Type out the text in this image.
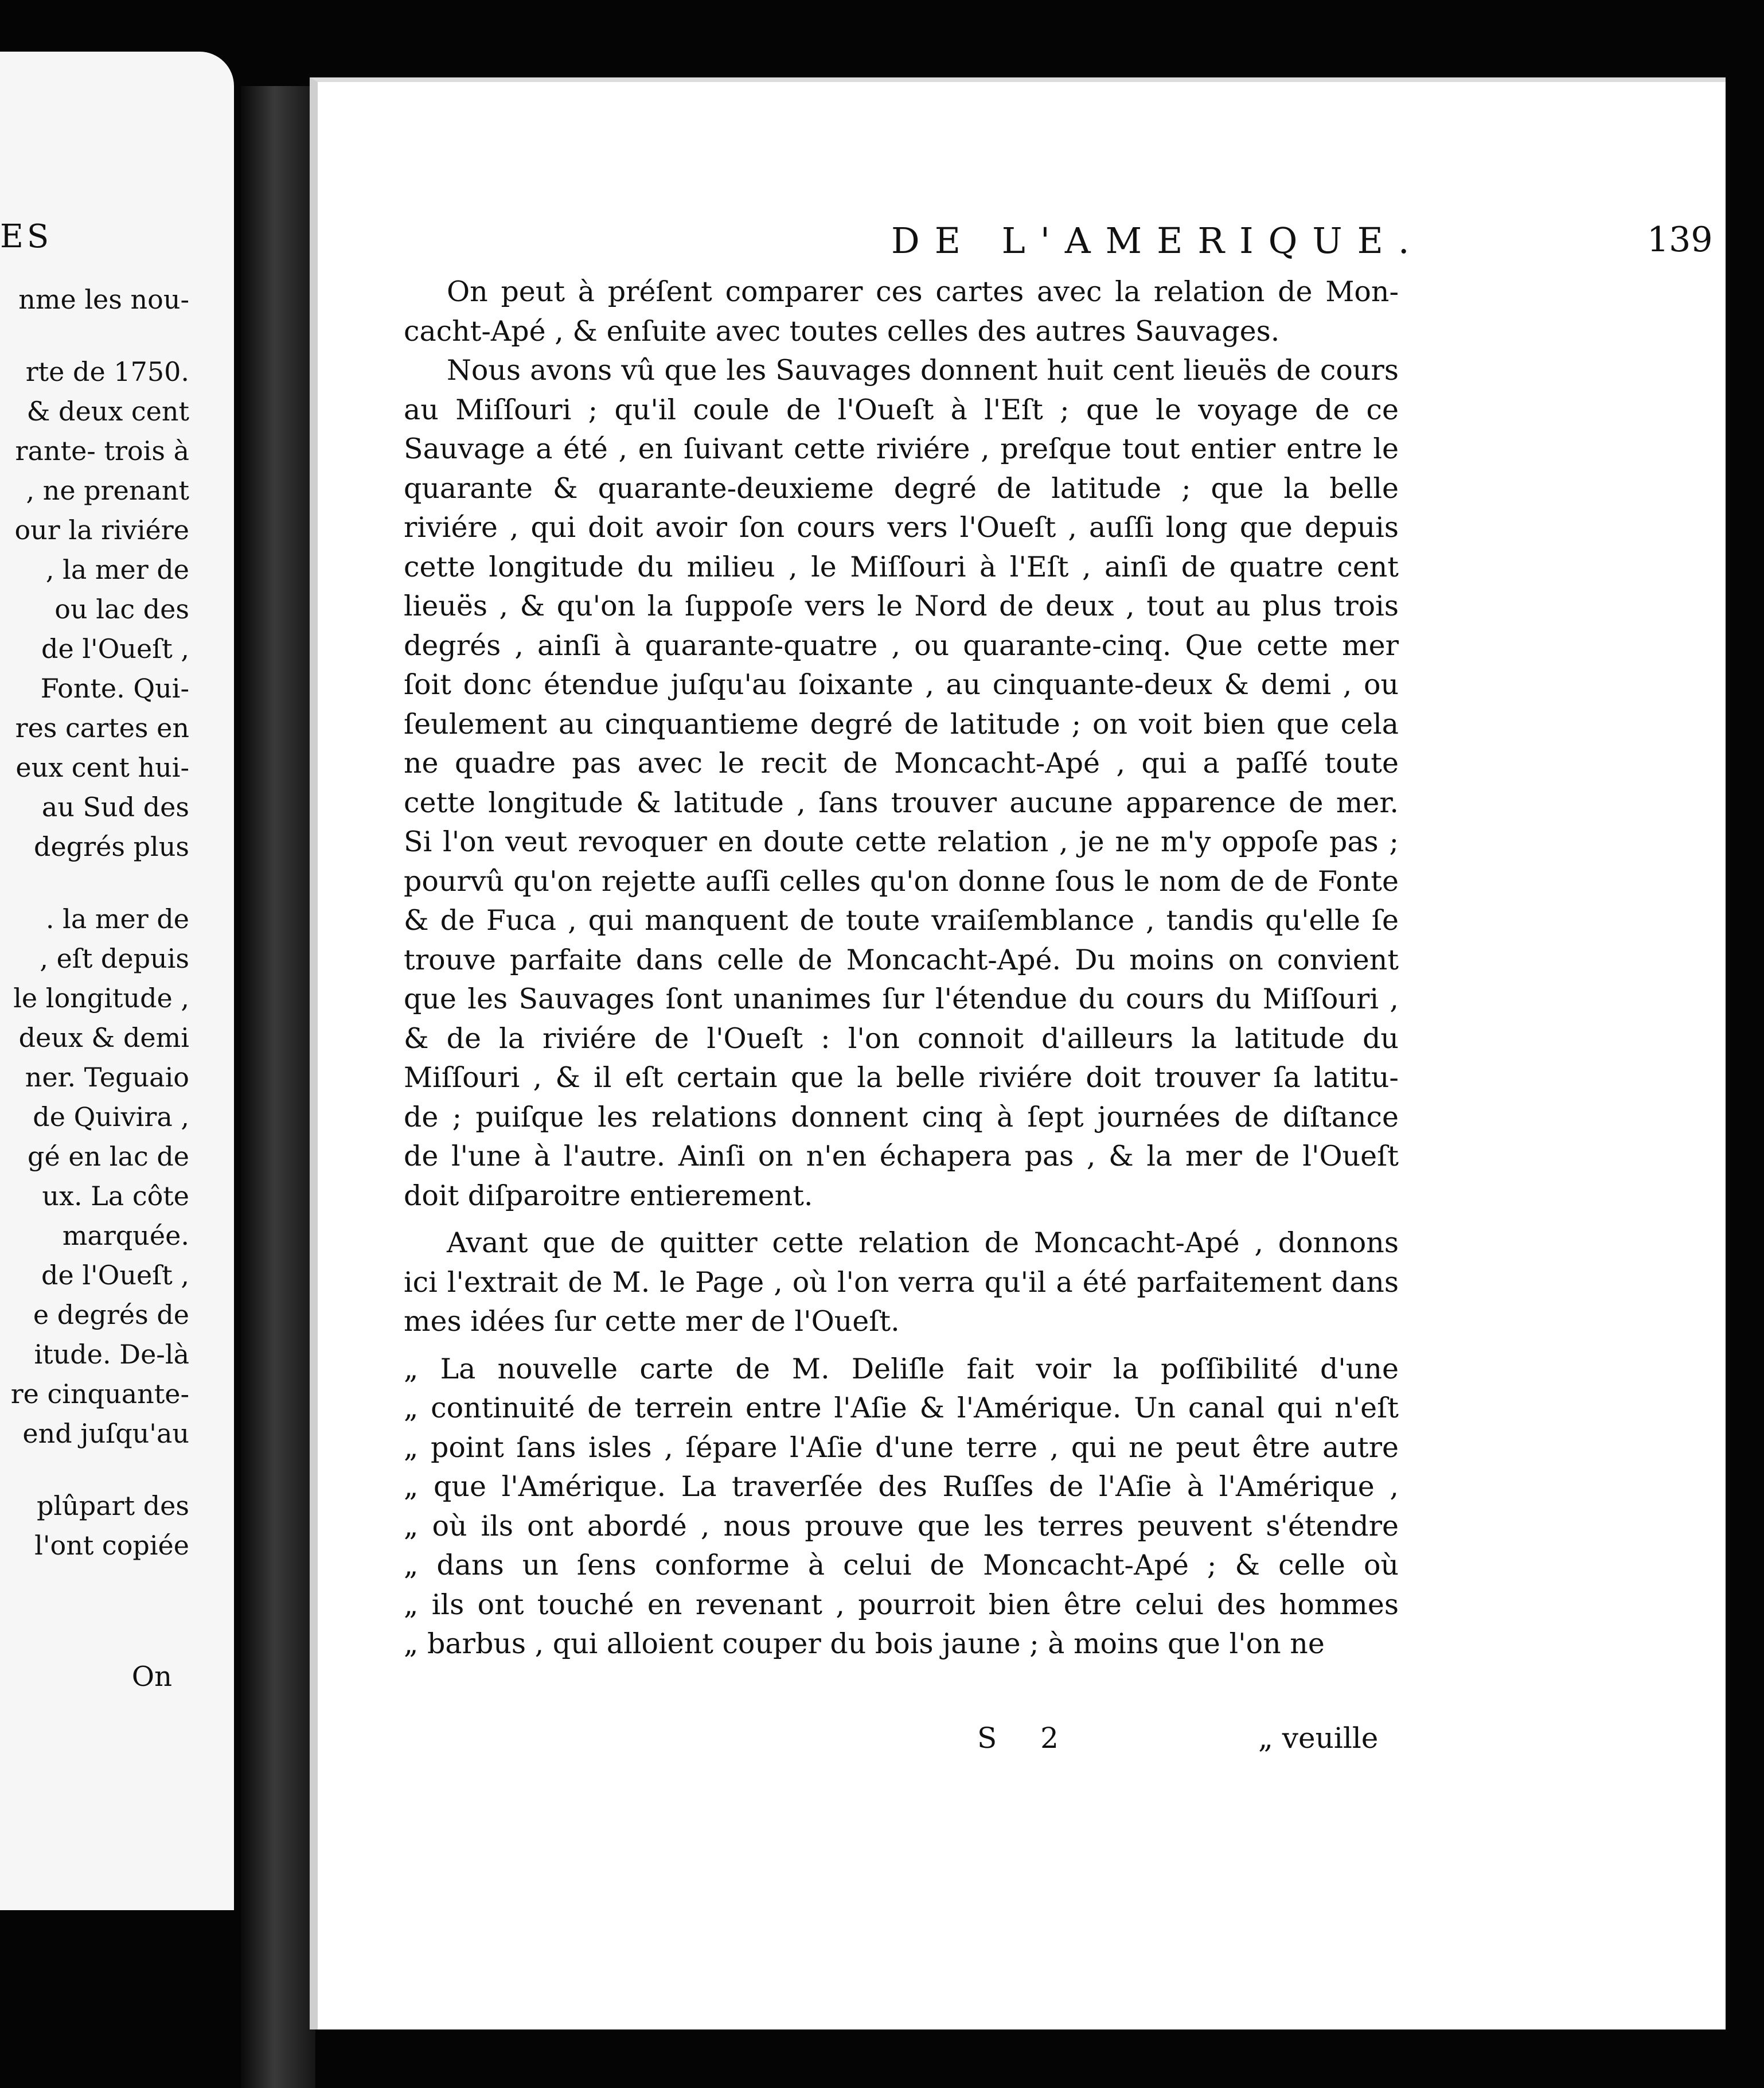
ES
nme les nou-
rte de 1750.
& deux cent
rante- trois à
, ne prenant
our la riviére
, la mer de
ou lac des
de l'Oueſt ,
Fonte. Qui-
res cartes en
eux cent hui-
au Sud des
degrés plus
. la mer de
, eſt depuis
le longitude ,
deux & demi
ner. Teguaio
de Quivira ,
gé en lac de
ux. La côte
marquée.
de l'Oueſt ,
e degrés de
itude. De-là
re cinquante-
end juſqu'au
plûpart des
l'ont copiée
On
DE L'AMERIQUE.	139
On peut à préſent comparer ces cartes avec la relation de Mon-
cacht-Apé , & enſuite avec toutes celles des autres Sauvages.
Nous avons vû que les Sauvages donnent huit cent lieuës de cours
au Miſſouri ; qu'il coule de l'Oueſt à l'Eſt ; que le voyage de ce
Sauvage a été , en ſuivant cette riviére , preſque tout entier entre le
quarante & quarante-deuxieme degré de latitude ; que la belle
riviére , qui doit avoir ſon cours vers l'Oueſt , auſſi long que depuis
cette longitude du milieu , le Miſſouri à l'Eſt , ainſi de quatre cent
lieuës , & qu'on la ſuppoſe vers le Nord de deux , tout au plus trois
degrés , ainſi à quarante-quatre , ou quarante-cinq. Que cette mer
ſoit donc étendue juſqu'au ſoixante , au cinquante-deux & demi , ou
ſeulement au cinquantieme degré de latitude ; on voit bien que cela
ne quadre pas avec le recit de Moncacht-Apé , qui a paſſé toute
cette longitude & latitude , ſans trouver aucune apparence de mer.
Si l'on veut revoquer en doute cette relation , je ne m'y oppoſe pas ;
pourvû qu'on rejette auſſi celles qu'on donne ſous le nom de de Fonte
& de Fuca , qui manquent de toute vraiſemblance , tandis qu'elle ſe
trouve parfaite dans celle de Moncacht-Apé. Du moins on convient
que les Sauvages ſont unanimes ſur l'étendue du cours du Miſſouri ,
& de la riviére de l'Oueſt : l'on connoit d'ailleurs la latitude du
Miſſouri , & il eſt certain que la belle riviére doit trouver ſa latitu-
de ; puiſque les relations donnent cinq à ſept journées de diſtance
de l'une à l'autre. Ainſi on n'en échapera pas , & la mer de l'Oueſt
doit diſparoitre entierement.
Avant que de quitter cette relation de Moncacht-Apé , donnons
ici l'extrait de M. le Page , où l'on verra qu'il a été parfaitement dans
mes idées ſur cette mer de l'Oueſt.
„ La nouvelle carte de M. Deliſle fait voir la poſſibilité d'une
„ continuité de terrein entre l'Aſie & l'Amérique. Un canal qui n'eſt
„ point ſans isles , ſépare l'Aſie d'une terre , qui ne peut être autre
„ que l'Amérique. La traverſée des Ruſſes de l'Aſie à l'Amérique ,
„ où ils ont abordé , nous prouve que les terres peuvent s'étendre
„ dans un ſens conforme à celui de Moncacht-Apé ; & celle où
„ ils ont touché en revenant , pourroit bien être celui des hommes
„ barbus , qui alloient couper du bois jaune ; à moins que l'on ne
S 2	„ veuille
